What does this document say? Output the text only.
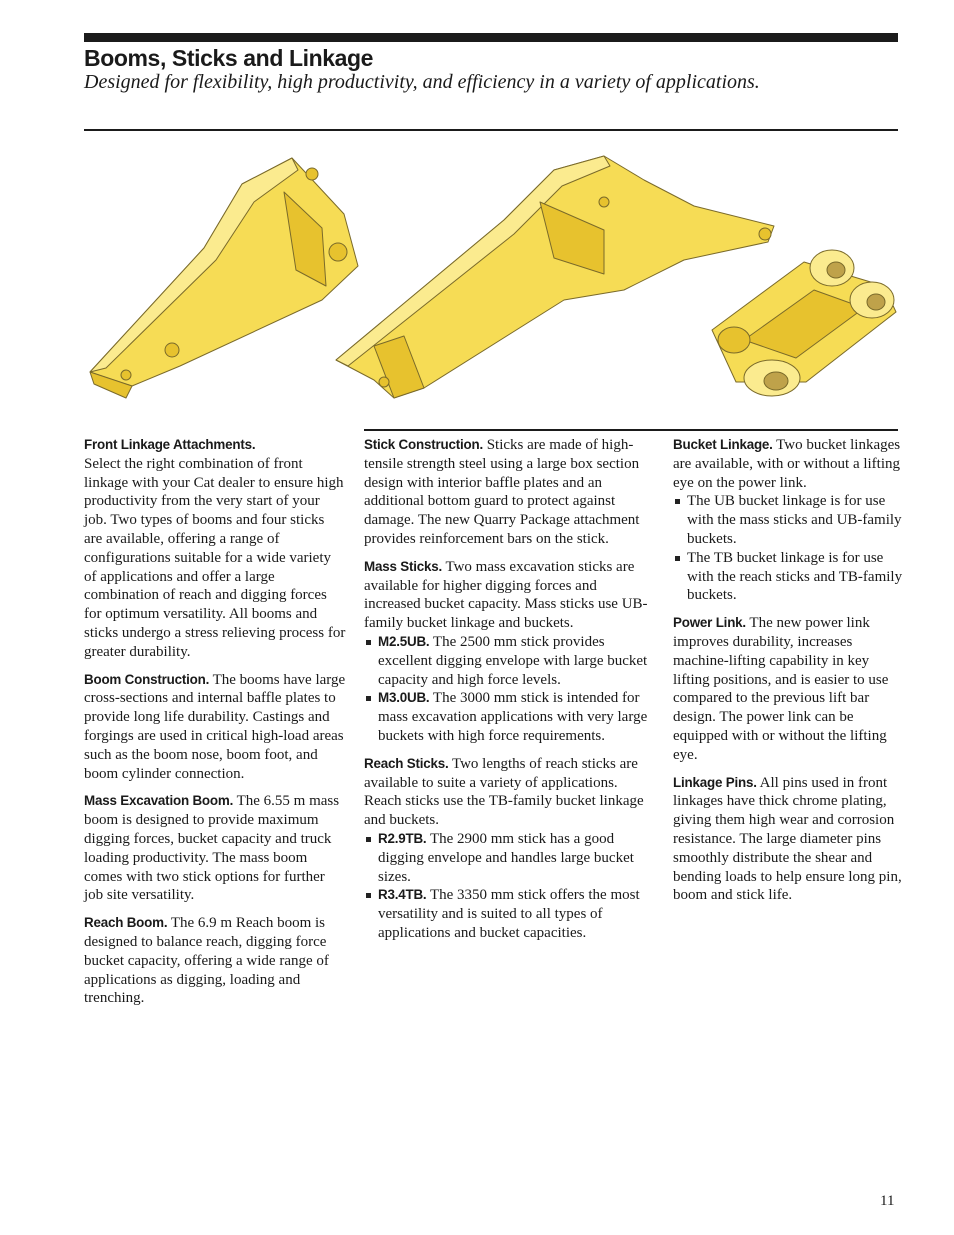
Booms, Sticks and Linkage

Designed for flexibility, high productivity, and efficiency in a variety of applications.

Front Linkage Attachments.
Select the right combination of front linkage with your Cat dealer to ensure high productivity from the very start of your job. Two types of booms and four sticks are available, offering a range of configurations suitable for a wide variety of applications and offer a large combination of reach and digging forces for optimum versatility. All booms and sticks undergo a stress relieving process for greater durability.

Boom Construction. The booms have large cross-sections and internal baffle plates to provide long life durability. Castings and forgings are used in critical high-load areas such as the boom nose, boom foot, and boom cylinder connection.

Mass Excavation Boom. The 6.55 m mass boom is designed to provide maximum digging forces, bucket capacity and truck loading productivity. The mass boom comes with two stick options for further job site versatility.

Reach Boom. The 6.9 m Reach boom is designed to balance reach, digging force bucket capacity, offering a wide range of applications as digging, loading and trenching.

Stick Construction. Sticks are made of high-tensile strength steel using a large box section design with interior baffle plates and an additional bottom guard to protect against damage. The new Quarry Package attachment provides reinforcement bars on the stick.

Mass Sticks. Two mass excavation sticks are available for higher digging forces and increased bucket capacity. Mass sticks use UB-family bucket linkage and buckets.

M2.5UB. The 2500 mm stick provides excellent digging envelope with large bucket capacity and high force levels.
M3.0UB. The 3000 mm stick is intended for mass excavation applications with very large buckets with high force requirements.

Reach Sticks. Two lengths of reach sticks are available to suite a variety of applications. Reach sticks use the TB-family bucket linkage and buckets.

R2.9TB. The 2900 mm stick has a good digging envelope and handles large bucket sizes.
R3.4TB. The 3350 mm stick offers the most versatility and is suited to all types of applications and bucket capacities.

Bucket Linkage. Two bucket linkages are available, with or without a lifting eye on the power link.

The UB bucket linkage is for use with the mass sticks and UB-family buckets.
The TB bucket linkage is for use with the reach sticks and TB-family buckets.

Power Link. The new power link improves durability, increases machine-lifting capability in key lifting positions, and is easier to use compared to the previous lift bar design. The power link can be equipped with or without the lifting eye.

Linkage Pins. All pins used in front linkages have thick chrome plating, giving them high wear and corrosion resistance. The large diameter pins smoothly distribute the shear and bending loads to help ensure long pin, boom and stick life.

11
